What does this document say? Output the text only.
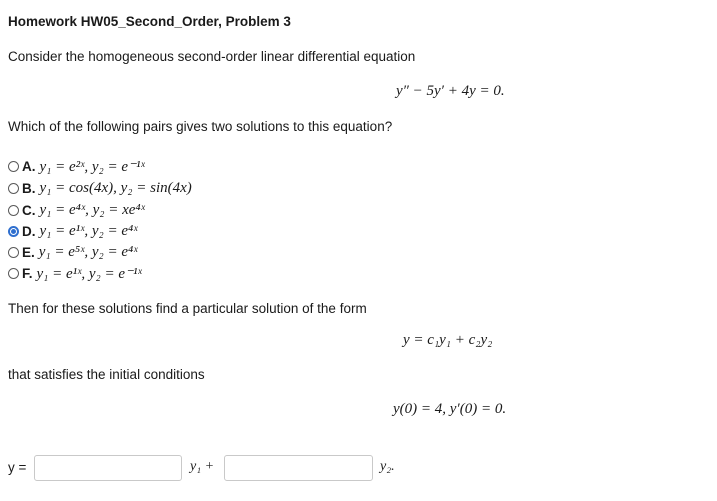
Homework HW05_Second_Order, Problem 3
Consider the homogeneous second-order linear differential equation
y″ − 5y′ + 4y = 0.
Which of the following pairs gives two solutions to this equation?
A. y₁ = e²ˣ, y₂ = e⁻¹ˣ
B. y₁ = cos(4x), y₂ = sin(4x)
C. y₁ = e⁴ˣ, y₂ = xe⁴ˣ
D. y₁ = e¹ˣ, y₂ = e⁴ˣ
E. y₁ = e⁵ˣ, y₂ = e⁴ˣ
F. y₁ = e¹ˣ, y₂ = e⁻¹ˣ
Then for these solutions find a particular solution of the form
y = c₁y₁ + c₂y₂
that satisfies the initial conditions
y(0) = 4, y′(0) = 0.
y =	y₁ +	y₂.
